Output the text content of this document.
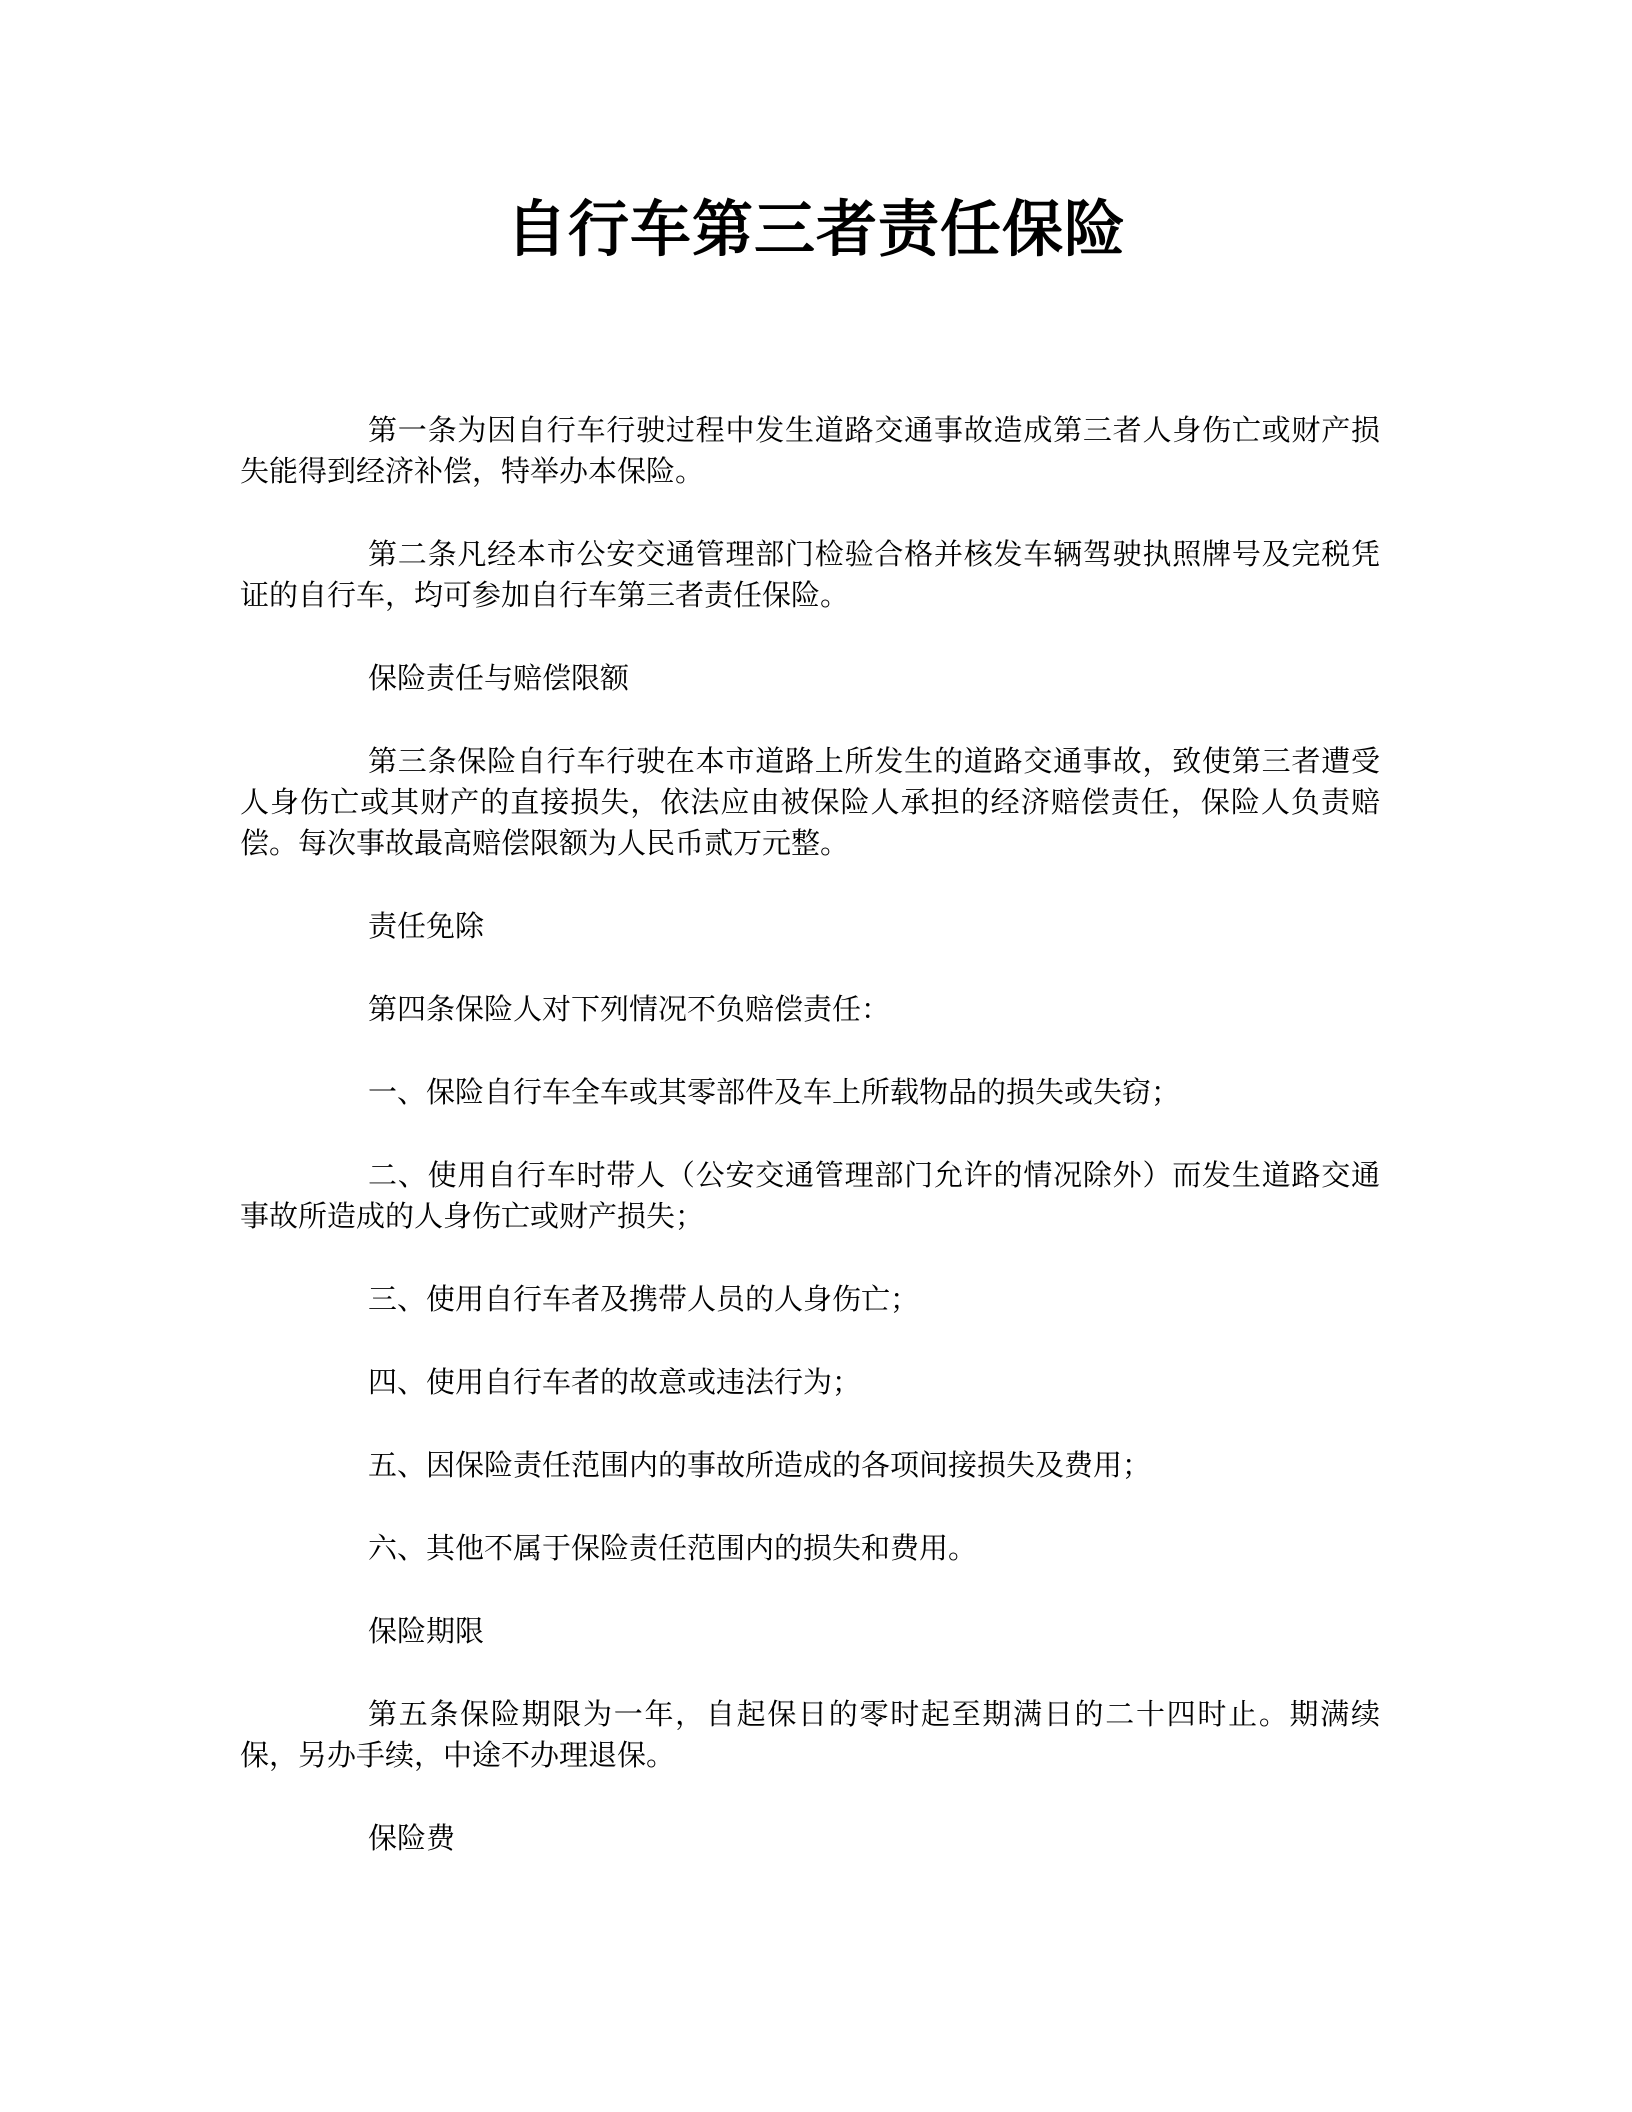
自行车第三者责任保险

第一条为因自行车行驶过程中发生道路交通事故造成第三者人身伤亡或财产损失能得到经济补偿，特举办本保险。

第二条凡经本市公安交通管理部门检验合格并核发车辆驾驶执照牌号及完税凭证的自行车，均可参加自行车第三者责任保险。

保险责任与赔偿限额

第三条保险自行车行驶在本市道路上所发生的道路交通事故，致使第三者遭受人身伤亡或其财产的直接损失，依法应由被保险人承担的经济赔偿责任，保险人负责赔偿。每次事故最高赔偿限额为人民币贰万元整。

责任免除

第四条保险人对下列情况不负赔偿责任：

一、保险自行车全车或其零部件及车上所载物品的损失或失窃；

二、使用自行车时带人（公安交通管理部门允许的情况除外）而发生道路交通事故所造成的人身伤亡或财产损失；

三、使用自行车者及携带人员的人身伤亡；

四、使用自行车者的故意或违法行为；

五、因保险责任范围内的事故所造成的各项间接损失及费用；

六、其他不属于保险责任范围内的损失和费用。

保险期限

第五条保险期限为一年，自起保日的零时起至期满日的二十四时止。期满续保，另办手续，中途不办理退保。

保险费
